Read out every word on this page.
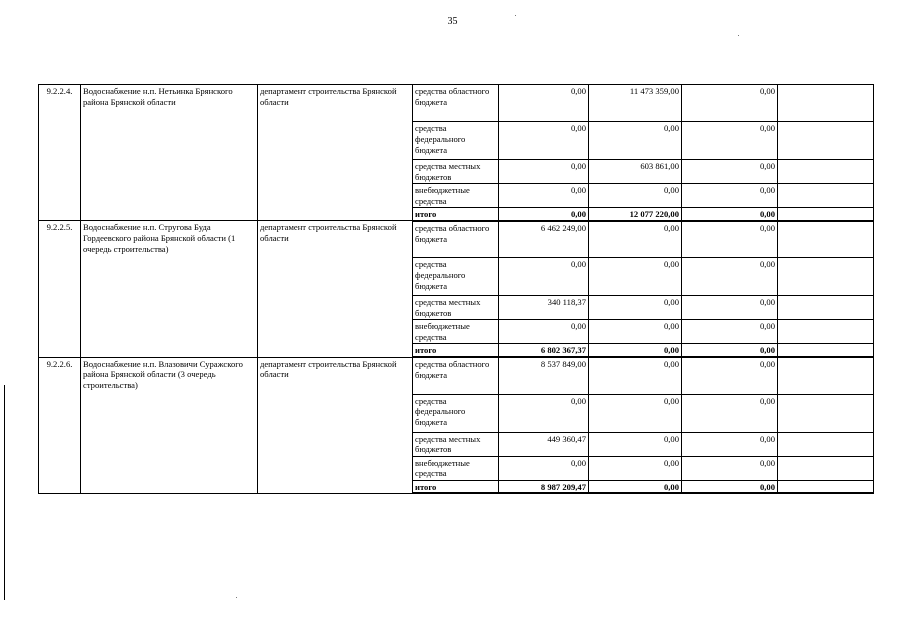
35
9.2.2.4.	Водоснабжение н.п. Нетьинка Брянского района Брянской области	департамент строительства Брянской области	средства областного бюджета	0,00	11 473 359,00	0,00	
			средства федерального бюджета	0,00	0,00	0,00	
			средства местных бюджетов	0,00	603 861,00	0,00	
			внебюджетные средства	0,00	0,00	0,00	
			итого	0,00	12 077 220,00	0,00	
9.2.2.5.	Водоснабжение н.п. Стругова Буда Гордеевского района Брянской области (1 очередь строительства)	департамент строительства Брянской области	средства областного бюджета	6 462 249,00	0,00	0,00	
			средства федерального бюджета	0,00	0,00	0,00	
			средства местных бюджетов	340 118,37	0,00	0,00	
			внебюджетные средства	0,00	0,00	0,00	
			итого	6 802 367,37	0,00	0,00	
9.2.2.6.	Водоснабжение н.п. Влазовичи Суражского района Брянской области (3 очередь строительства)	департамент строительства Брянской области	средства областного бюджета	8 537 849,00	0,00	0,00	
			средства федерального бюджета	0,00	0,00	0,00	
			средства местных бюджетов	449 360,47	0,00	0,00	
			внебюджетные средства	0,00	0,00	0,00	
			итого	8 987 209,47	0,00	0,00	
